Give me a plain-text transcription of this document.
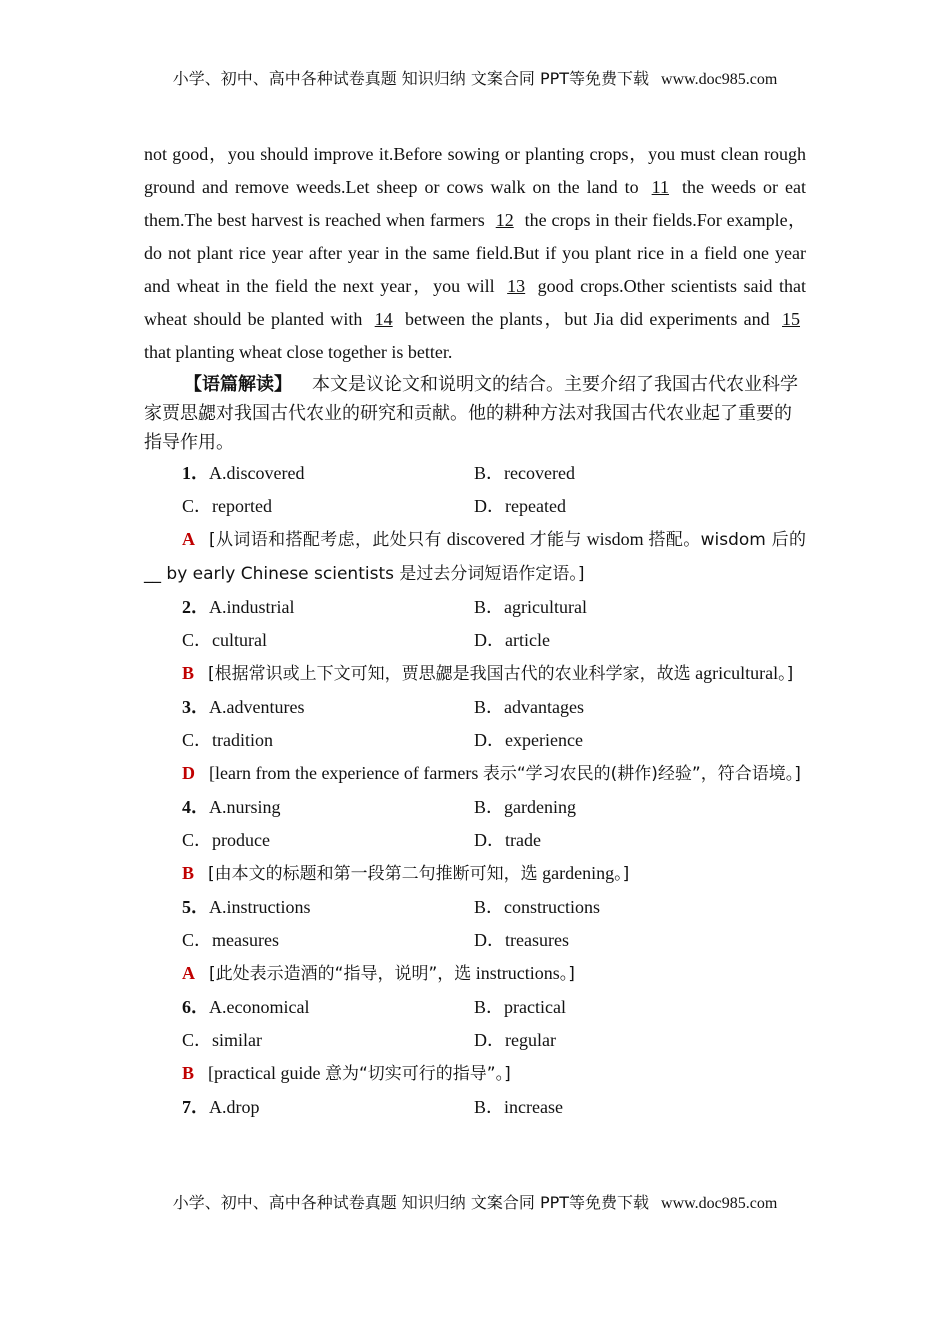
小学、初中、高中各种试卷真题 知识归纳 文案合同 PPT等免费下载 www.doc985.com

not good，you should improve it.Before sowing or planting crops，you must clean rough ground and remove weeds.Let sheep or cows walk on the land to 11 the weeds or eat them.The best harvest is reached when farmers 12 the crops in their fields.For example，do not plant rice year after year in the same field.But if you plant rice in a field one year and wheat in the field the next year，you will 13 good crops.Other scientists said that wheat should be planted with 14 between the plants，but Jia did experiments and 15 that planting wheat close together is better.

【语篇解读】 本文是议论文和说明文的结合。主要介绍了我国古代农业科学家贾思勰对我国古代农业的研究和贡献。他的耕种方法对我国古代农业起了重要的指导作用。
1．A.discovered	B．recovered
C．reported	D．repeated
A [从词语和搭配考虑，此处只有 discovered 才能与 wisdom 搭配。wisdom 后的__ by early Chinese scientists 是过去分词短语作定语。]
2．A.industrial	B．agricultural
C．cultural	D．article
B [根据常识或上下文可知，贾思勰是我国古代的农业科学家，故选 agricultural。]
3．A.adventures	B．advantages
C．tradition	D．experience
D [learn from the experience of farmers 表示“学习农民的(耕作)经验”，符合语境。]
4．A.nursing	B．gardening
C．produce	D．trade
B [由本文的标题和第一段第二句推断可知，选 gardening。]
5．A.instructions	B．constructions
C．measures	D．treasures
A [此处表示造酒的“指导，说明”，选 instructions。]
6．A.economical	B．practical
C．similar	D．regular
B [practical guide 意为“切实可行的指导”。]
7．A.drop	B．increase
小学、初中、高中各种试卷真题 知识归纳 文案合同 PPT等免费下载 www.doc985.com
